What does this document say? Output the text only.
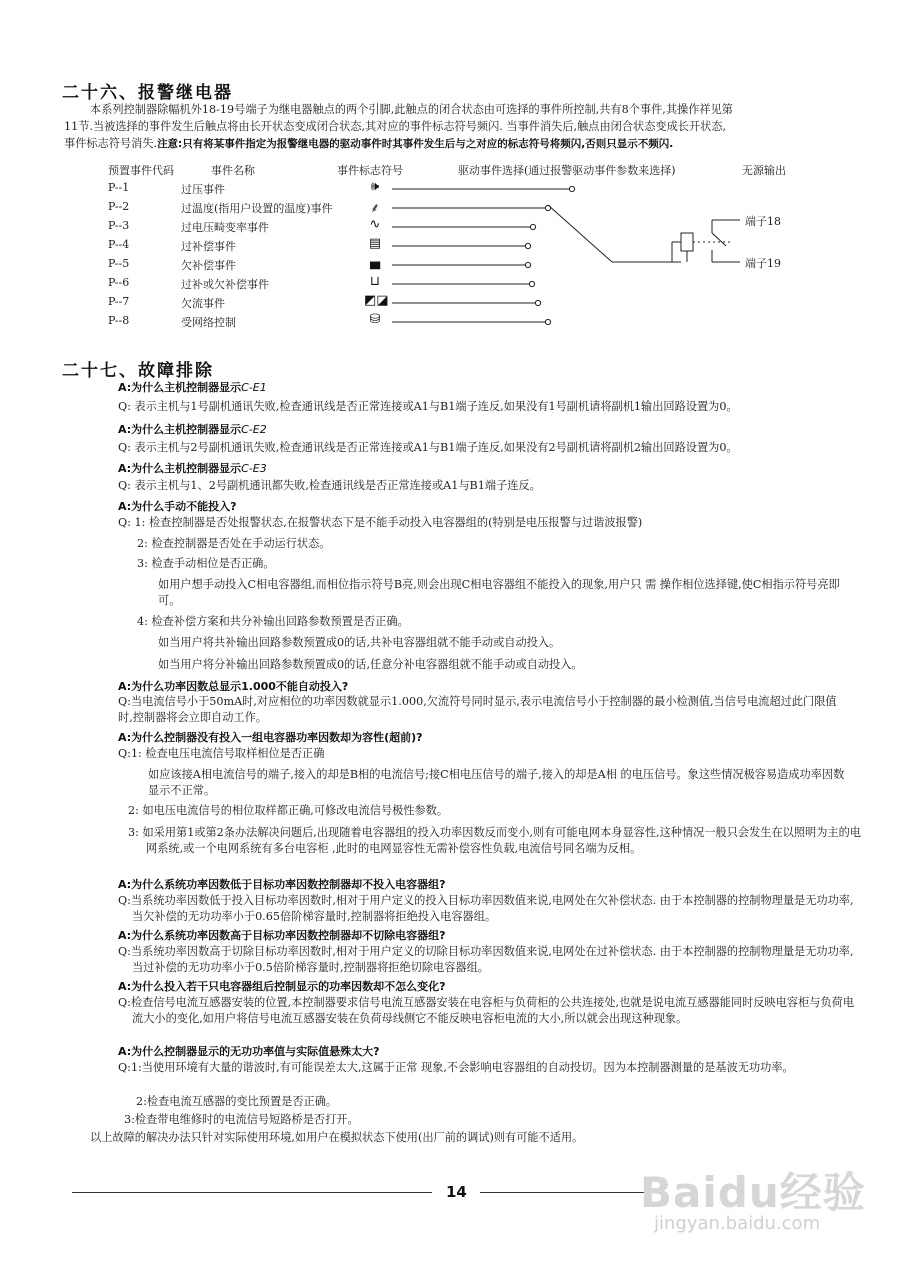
二十六、报警继电器
本系列控制器除幅机外18-19号端子为继电器触点的两个引脚,此触点的闭合状态由可选择的事件所控制,共有8个事件,其操作祥见第
11节.当被选择的事件发生后触点将由长开状态变成闭合状态,其对应的事件标志符号频闪. 当事件消失后,触点由闭合状态变成长开状态,
事件标志符号消失.注意:只有将某事件指定为报警继电器的驱动事件时其事件发生后与之对应的标志符号将频闪,否则只显示不频闪.
预置事件代码	事件名称	事件标志符号	驱动事件选择(通过报警驱动事件参数来选择)	无源输出
P--1	过压事件	🕪
P--2	过温度(指用户设置的温度)事件	⸙
P--3	过电压畸变率事件	∿
P--4	过补偿事件	▤
P--5	欠补偿事件	▄
P--6	过补或欠补偿事件	⊔
P--7	欠流事件	◩◪
P--8	受网络控制	⛁
端子18
端子19
二十七、故障排除
A:为什么主机控制器显示C-E1
Q: 表示主机与1号副机通讯失败,检查通讯线是否正常连接或A1与B1端子连反,如果没有1号副机请将副机1输出回路设置为0。
A:为什么主机控制器显示C-E2
Q: 表示主机与2号副机通讯失败,检查通讯线是否正常连接或A1与B1端子连反,如果没有2号副机请将副机2输出回路设置为0。
A:为什么主机控制器显示C-E3
Q: 表示主机与1、2号副机通讯都失败,检查通讯线是否正常连接或A1与B1端子连反。
A:为什么手动不能投入?
Q: 1: 检查控制器是否处报警状态,在报警状态下是不能手动投入电容器组的(特别是电压报警与过谐波报警)
2: 检查控制器是否处在手动运行状态。
3: 检查手动相位是否正确。
如用户想手动投入C相电容器组,而相位指示符号B亮,则会出现C相电容器组不能投入的现象,用户只 需 操作相位选择键,使C相指示符号亮即可。
4: 检查补偿方案和共分补输出回路参数预置是否正确。
如当用户将共补输出回路参数预置成0的话,共补电容器组就不能手动或自动投入。
如当用户将分补输出回路参数预置成0的话,任意分补电容器组就不能手动或自动投入。
A:为什么功率因数总显示1.000不能自动投入?
Q:当电流信号小于50mA时,对应相位的功率因数就显示1.000,欠流符号同时显示,表示电流信号小于控制器的最小检测值,当信号电流超过此门限值时,控制器将会立即自动工作。
A:为什么控制器没有投入一组电容器功率因数却为容性(超前)?
Q:1: 检查电压电流信号取样相位是否正确
如应该接A相电流信号的端子,接入的却是B相的电流信号;接C相电压信号的端子,接入的却是A相 的电压信号。象这些情况极容易造成功率因数显示不正常。
2: 如电压电流信号的相位取样都正确,可修改电流信号极性参数。
3: 如采用第1或第2条办法解决问题后,出现随着电容器组的投入功率因数反而变小,则有可能电网本身显容性,这种情况一般只会发生在以照明为主的电网系统,或一个电网系统有多台电容柜 ,此时的电网显容性无需补偿容性负载,电流信号同名端为反相。
A:为什么系统功率因数低于目标功率因数控制器却不投入电容器组?
Q:当系统功率因数低于投入目标功率因数时,相对于用户定义的投入目标功率因数值来说,电网处在欠补偿状态. 由于本控制器的控制物理量是无功功率,当欠补偿的无功功率小于0.65倍阶梯容量时,控制器将拒绝投入电容器组。
A:为什么系统功率因数高于目标功率因数控制器却不切除电容器组?
Q:当系统功率因数高于切除目标功率因数时,相对于用户定义的切除目标功率因数值来说,电网处在过补偿状态. 由于本控制器的控制物理量是无功功率,当过补偿的无功功率小于0.5倍阶梯容量时,控制器将拒绝切除电容器组。
A:为什么投入若干只电容器组后控制显示的功率因数却不怎么变化?
Q:检查信号电流互感器安装的位置,本控制器要求信号电流互感器安装在电容柜与负荷柜的公共连接处,也就是说电流互感器能同时反映电容柜与负荷电流大小的变化,如用户将信号电流互感器安装在负荷母线侧它不能反映电容柜电流的大小,所以就会出现这种现象。
A:为什么控制器显示的无功功率值与实际值悬殊太大?
Q:1:当使用环境有大量的谐波时,有可能误差太大,这属于正常 现象,不会影响电容器组的自动投切。因为本控制器测量的是基波无功功率。
2:检查电流互感器的变比预置是否正确。
3:检查带电维修时的电流信号短路桥是否打开。
以上故障的解决办法只针对实际使用环境,如用户在模拟状态下使用(出厂前的调试)则有可能不适用。
14	Baidu经验
jingyan.baidu.com
